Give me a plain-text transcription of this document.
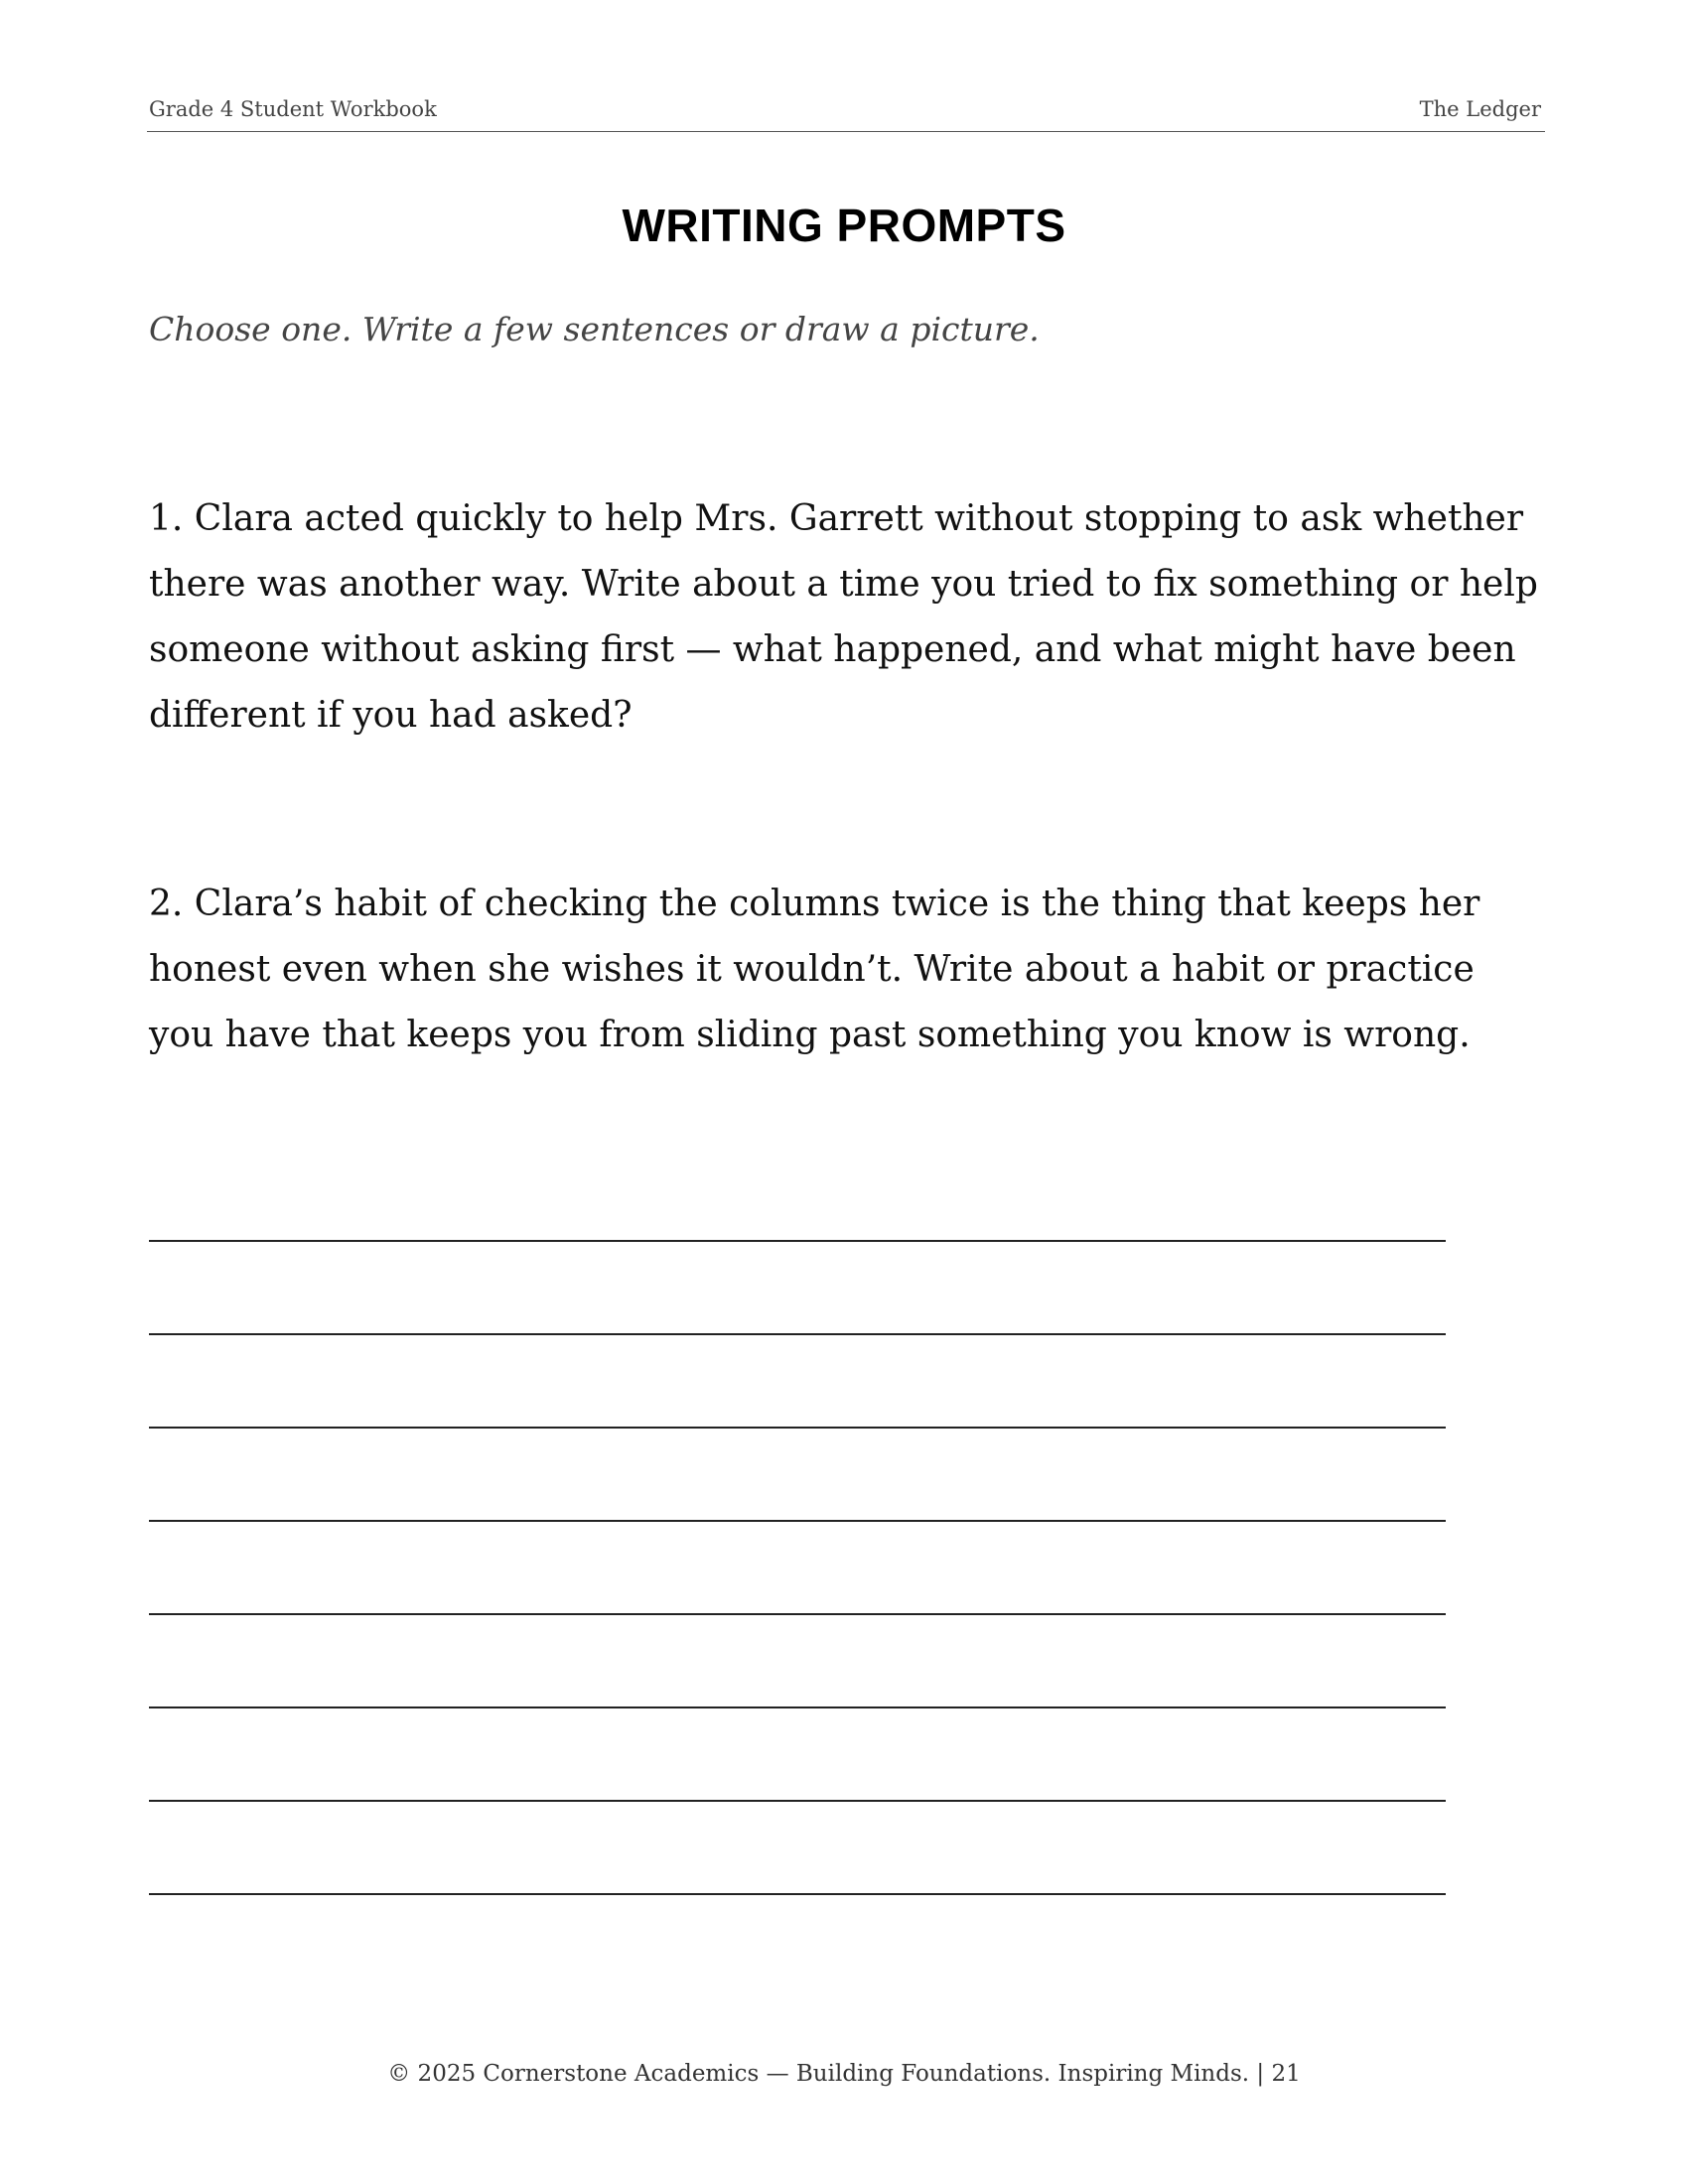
Grade 4 Student Workbook	The Ledger
WRITING PROMPTS
Choose one. Write a few sentences or draw a picture.
1. Clara acted quickly to help Mrs. Garrett without stopping to ask whether there was another way. Write about a time you tried to fix something or help someone without asking first — what happened, and what might have been different if you had asked?
2. Clara’s habit of checking the columns twice is the thing that keeps her honest even when she wishes it wouldn’t. Write about a habit or practice you have that keeps you from sliding past something you know is wrong.
© 2025 Cornerstone Academics — Building Foundations. Inspiring Minds. | 21
